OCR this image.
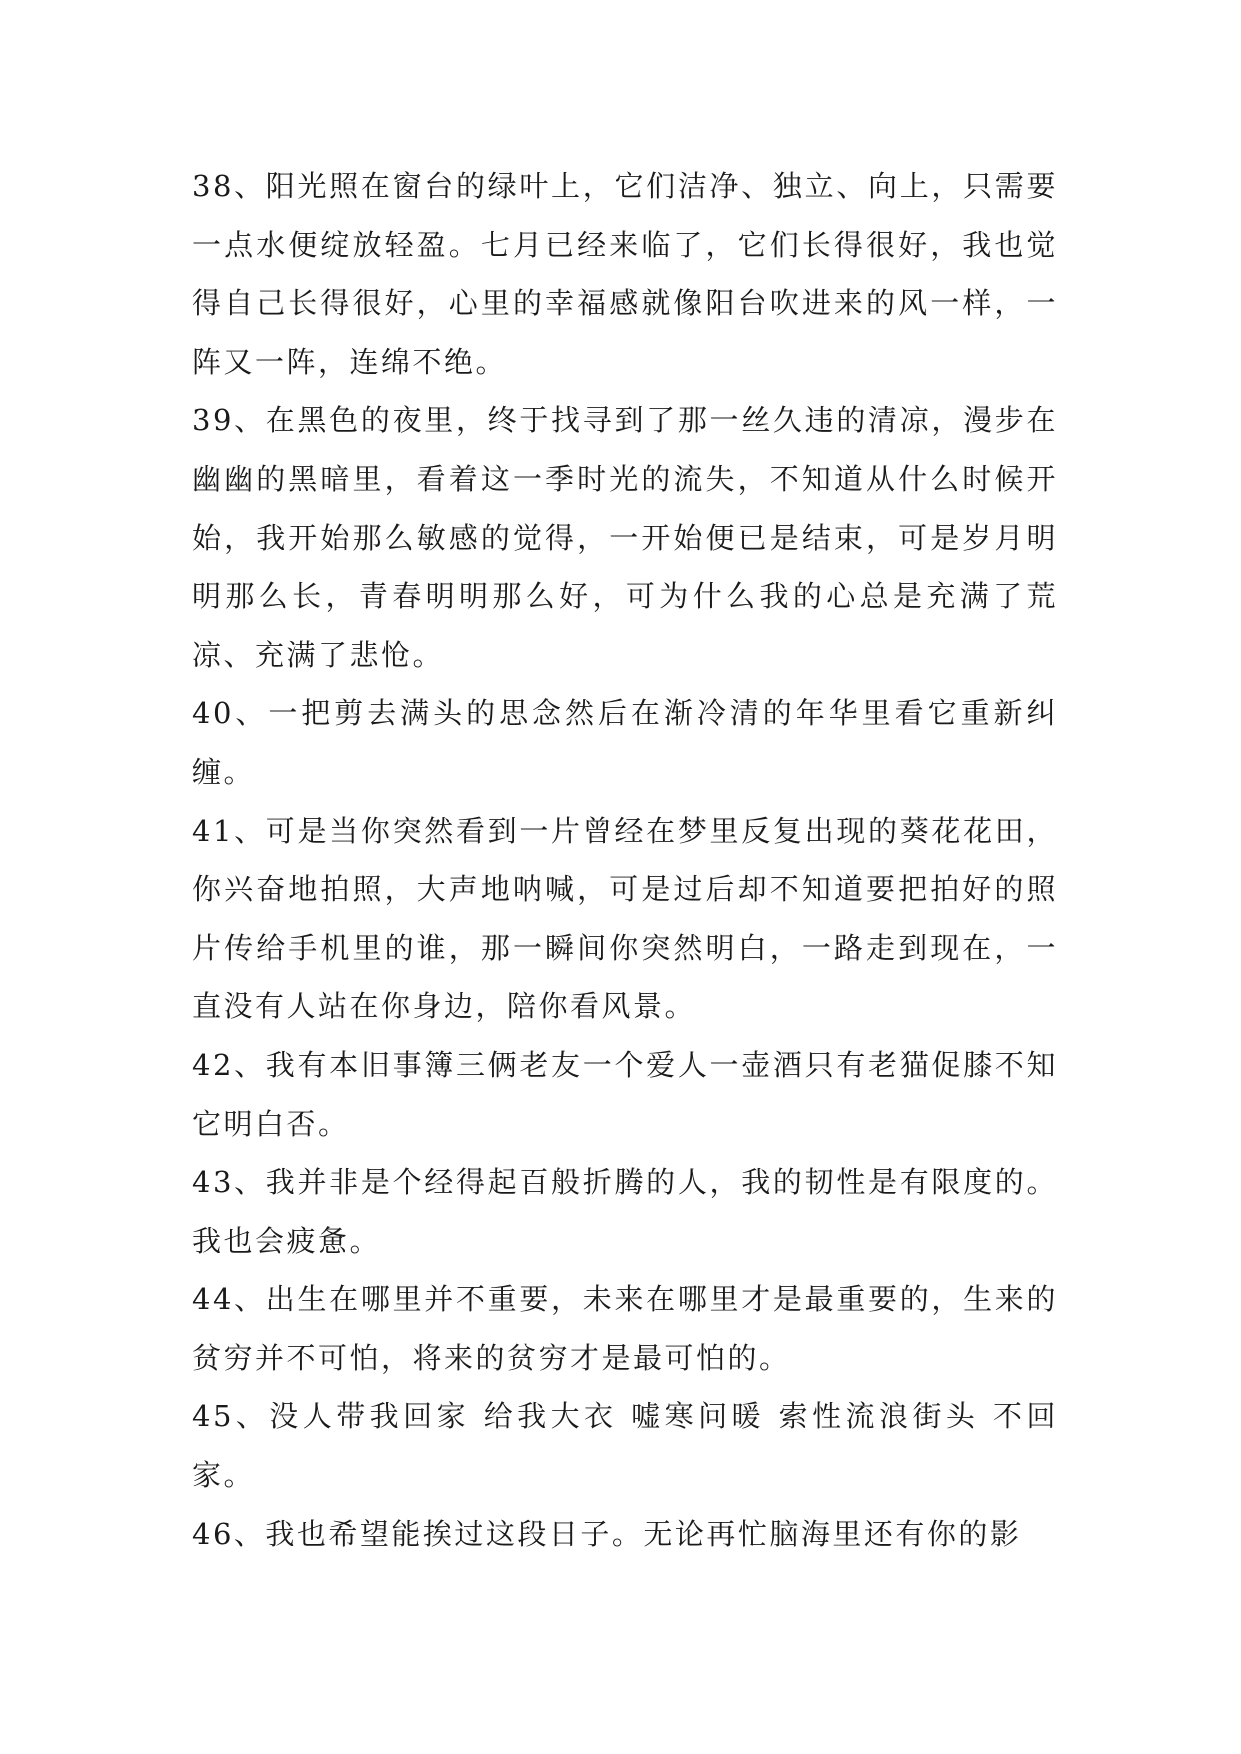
38、阳光照在窗台的绿叶上，它们洁净、独立、向上，只需要一点水便绽放轻盈。七月已经来临了，它们长得很好，我也觉得自己长得很好，心里的幸福感就像阳台吹进来的风一样，一阵又一阵，连绵不绝。

39、在黑色的夜里，终于找寻到了那一丝久违的清凉，漫步在幽幽的黑暗里，看着这一季时光的流失，不知道从什么时候开始，我开始那么敏感的觉得，一开始便已是结束，可是岁月明明那么长，青春明明那么好，可为什么我的心总是充满了荒凉、充满了悲怆。

40、一把剪去满头的思念然后在渐冷清的年华里看它重新纠缠。

41、可是当你突然看到一片曾经在梦里反复出现的葵花花田，你兴奋地拍照，大声地呐喊，可是过后却不知道要把拍好的照片传给手机里的谁，那一瞬间你突然明白，一路走到现在，一直没有人站在你身边，陪你看风景。

42、我有本旧事簿三俩老友一个爱人一壶酒只有老猫促膝不知它明白否。

43、我并非是个经得起百般折腾的人，我的韧性是有限度的。我也会疲惫。

44、出生在哪里并不重要，未来在哪里才是最重要的，生来的贫穷并不可怕，将来的贫穷才是最可怕的。

45、没人带我回家 给我大衣 嘘寒问暖 索性流浪街头 不回家。

46、我也希望能挨过这段日子。无论再忙脑海里还有你的影
